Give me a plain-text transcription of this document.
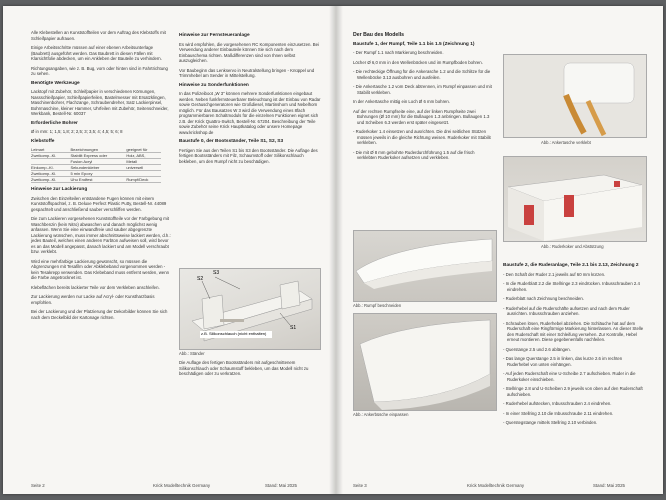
Alle Klebestellen an Kunststoffteilen vor dem Auftrag des Klebstoffs mit Schleifpapier aufrauen.

Einige Arbeitsschritte müssen auf einer ebenen Arbeitsunterlage (Baubrett) ausgeführt werden. Das Baubrett in diesen Fällen mit Klarsichtfolie abdecken, um ein Ankleben der Bauteile zu verhindern.

Richtungsangaben, wie z. B. Bug, vorn oder hinten sind in Fahrtrichtung zu sehen.

Benötigte Werkzeuge

Lacktopf mit Zubehör, Schleifpapier in verschiedenen Körnungen, Nassschleifpapier, Schleifpapierfeilen, Bastelmesser mit Ersatzklingen, Maschinenbohrer, Flachzange, Schraubendreher, Satz Lackierpinsel, Bohrmaschine, kleiner Hammer, Uhrfeilen mit Zubehör, Seitenschneider, Werkbank, Bestell-Nr. 60037

Erforderliche Bohrer

Ø in mm: 1; 1,5; 1,8; 2; 2,5; 3; 3,5; 4; 4,5; 5; 6; 8

Klebstoffe
Leimart	Bezeichnungen	geeignet für
Zweikomp.-Kl.	Stabilit Express oder	Holz, ABS,
	Fusion Acryl	Metall
Einkomp.-Kl.	Sekundenkleber	universell
Zweikomp.-Kl.	5 min Epoxy	
Zweikomp.-Kl.	Uhu Endfest	Rumpf/Deck
Hinweise zur Lackierung

Zwischen den Einzelteilen entstandene Fugen können mit einem Kunststoffspachtel, z. B. Deluxe Perfect Plastic Putty, Bestell-Nr. 44089 gespachtelt und anschließend sauber verschliffen werden.

Die zum Lackieren vorgesehenen Kunststoffteile vor der Farbgebung mit Waschbenzin (kein Nitro) abwaschen und danach möglichst wenig anfassen. Wenn Sie eine einwandfreie und sauber abgegrenzte Lackierung wünschen, muss immer abschnittsweise lackiert werden, d.h.: jedes Bauteil, welches einen anderen Farbton aufweisen soll, wird bevor es an das Modell angepasst, danach lackiert und am Modell verschraubt bzw. verklebt.

Wird eine mehrfarbige Lackierung gewünscht, so müssen die Abgrenzungen mit Tesafilm oder Abklebeband vorgenommen werden - kein Tesakrepp verwenden. Das Klebeband muss entfernt werden, wenn die Farbe angetrocknet ist.

Klebeflächen bereits lackierter Teile vor dem Verkleben anschleifen.

Zur Lackierung werden nur Lacke auf Acryl- oder Kunstharzbasis empfohlen.

Bei der Lackierung und der Platzierung der Dekorbilder können Sie sich nach dem Deckelbild der Kartonage richten.

Hinweise zur Fernsteueranlage

Es wird empfohlen, die vorgesehenen RC Komponenten einzusetzen. Bei Verwendung anderer Einbauteile können Sie sich nach dem Einbauschema richten. Maßdifferenzen sind von Ihnen selbst auszugleichen.

Vor Baubeginn das Lenkservo in Neutralstellung bringen - Knüppel und Trimmhebel am Sender in Mittelstellung.

Hinweise zu Sonderfunktionen

In das Polizeiboot „W 3" können mehrere Sonderfunktionen eingebaut werden. Neben funkfernsteuerbarer Beleuchtung ist der Einbau von Radar sowie Geräuschgeneratoren wie Großdiesel, Martinshorn und Nebelhorn möglich. Für das Bausatzes W 3 wird die Verwendung eines 8fach programmierbaren Schaltmoduls für die einzelnen Funktionen eignet sich z.B. der Krick Quattro-Switch, Bestell-Nr. 67204. Beschreibung der Teile sowie Zubehör seine Krick Hauptkatalog oder unsere Homepage www.krickshop.de

Baustufe 0, der Bootsständer, Teile S1, S2, S3

Fertigen Sie aus den Teilen S1 bis S3 den Bootsständer. Die Auflage des fertigen Bootsständers mit Filz, Schaumstoff oder Silikonschlauch bekleben, um den Rumpf nicht zu beschädigen.

S3
S2
S1
z.B. Silikonschlauch (nicht enthalten)
Abb.: Ständer

Die Auflage des fertigen Bootsständers mit aufgeschnittenem Silikonschlauch oder Schaumstoff bekleben, um das Modell nicht zu beschädigen oder zu verkratzen.

Der Bau des Modells
Baustufe 1, der Rumpf, Teile 1.1 bis 1.5 (Zeichnung 1)

- Der Rumpf 1.1 nach Markierung beschneiden.

Löcher Ø 6,0 mm in den Wellenböcken und im Rumpfboden bohren.

- Die rechteckige Öffnung für die Ankerasche 1.2 und die Schlitze für die Wellenböcke 3.13 ausbohren und ausfeilen.

- Die Ankertasche 1.2 vom Deck abtrennen, im Rumpf einpassen und mit Stabilit verkleben.

In der Ankertasche mittig ein Loch Ø 6 mm bohren.

Auf der rechten Rumpfseite eine, auf der linken Rumpfseite zwei Bohrungen (Ø 10 mm) für die Bullaugen 1.3 anbringen. Bullaugen 1.3 und Scheiben 6.3 werden erst später eingesetzt.

- Ruderkoker 1.4 einsetzen und ausrichten. Die drei seitlichen Stützen müssen jeweils in die gleiche Richtung weisen. Ruderkoker mit Stabilit verkleben.

- Die mit Ø 8 mm gebohrte Ruderdurchführung 1.5 auf die frisch verklebten Ruderkoker aufsetzen und verkleben.

Abb.: Rumpf beschneiden
Abb.: Ankerbüsche einpassen
Abb.: Ankertasche verklebt
Abb.: Ruderkoker und Abstützung
Baustufe 2, die Ruderanlage, Teile 2.1 bis 2.13, Zeichnung 2

- Den Schaft der Ruder 2.1 jeweils auf 60 mm kürzen.

- In die Ruderblatt 2.2 die Stellringe 2.3 eindrücken. Inbusschrauben 2.4 eindrehen.

- Ruderblatt nach Zeichnung beschneiden.

- Ruderhebel auf die Ruderschäfte aufsetzen und nach dem Ruder ausrichten. Inbusschrauben anziehen.

- Schrauben lösen, Ruderhebel abziehen. Die Schläuche hat auf dem Ruderschaft eine Ringförmige Markierung hinterlassen. An dieser Stelle den Ruderschaft mit einer Schleifung versehen. Zur Kontrolle, Hebel erneut montieren. Diese gegebenenfalls nachfeilen.

- Querstange 2.5 und 2.6 ablängen.

- Das lange Querstange 2.5 in linken, das kurze 2.6 im rechten Ruderhebel von unten einhängen.

- Auf jeden Ruderschaft eine U-Scheibe 2.7 aufschieben. Ruder in die Ruderkoker einschieben.

- Stellringe 2.8 und U-Scheiben 2.9 jeweils von oben auf den Ruderschaft aufschieben.

- Ruderhebel aufstecken, Inbusschrauben 2.4 eindrehen.

- In einer Stellring 2.10 die Inbusschraube 2.11 eindrehen.

- Querstegstange mittels Stellring 2.10 verbinden.

Seite 2	Krick Modelltechnik Germany	Stand: Mai 2025	Seite 3	Krick Modelltechnik Germany	Stand: Mai 2025
